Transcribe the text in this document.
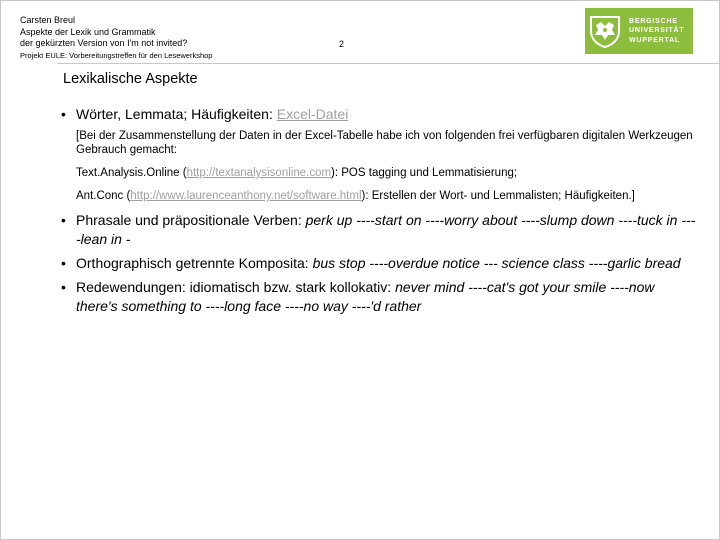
Carsten Breul
Aspekte der Lexik und Grammatik
der gekürzten Version von I'm not invited?
Projekt EULE: Vorbereitungstreffen für den Lesewerkshop
2
BERGISCHE
UNIVERSITÄT
WUPPERTAL
Lexikalische Aspekte
• Wörter, Lemmata; Häufigkeiten: Excel-Datei

[Bei der Zusammenstellung der Daten in der Excel-Tabelle habe ich von folgenden frei verfügbaren digitalen Werkzeugen Gebrauch gemacht:

Text.Analysis.Online (http://textanalysisonline.com): POS tagging und Lemmatisierung;

Ant.Conc (http://www.laurenceanthony.net/software.html): Erstellen der Wort- und Lemmalisten; Häufigkeiten.]

• Phrasale und präpositionale Verben: perk up ----start on ----worry about ----slump down ----tuck in ----lean in -
• Orthographisch getrennte Komposita: bus stop ----overdue notice --- science class ----garlic bread
• Redewendungen: idiomatisch bzw. stark kollokativ: never mind ----cat's got your smile ----now there's something to ----long face ----no way ----'d rather
